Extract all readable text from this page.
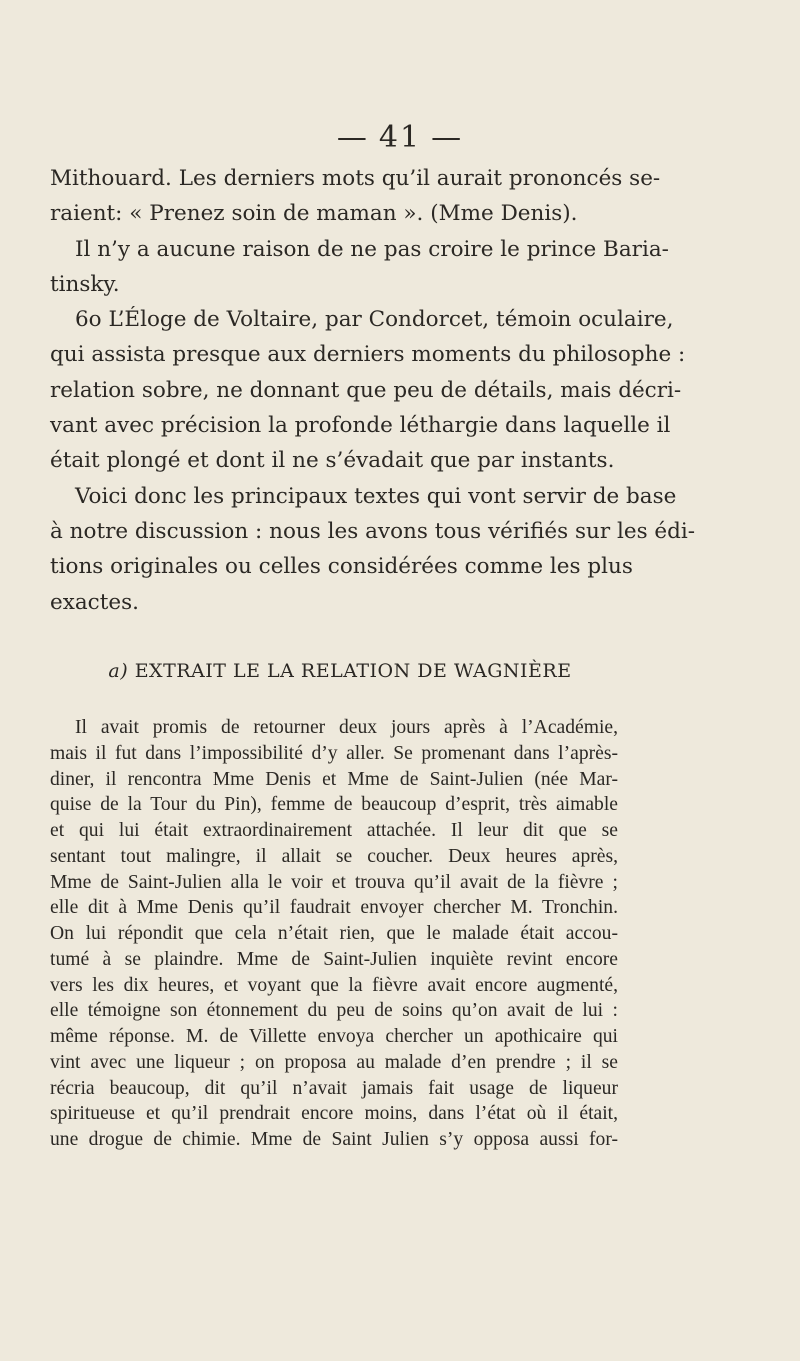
— 41 —

Mithouard. Les derniers mots qu’il aurait prononcés se-
raient: « Prenez soin de maman ». (Mme Denis).

Il n’y a aucune raison de ne pas croire le prince Baria-
tinsky.

6o L’Éloge de Voltaire, par Condorcet, témoin oculaire,
qui assista presque aux derniers moments du philosophe :
relation sobre, ne donnant que peu de détails, mais décri-
vant avec précision la profonde léthargie dans laquelle il
était plongé et dont il ne s’évadait que par instants.

Voici donc les principaux textes qui vont servir de base
à notre discussion : nous les avons tous vérifiés sur les édi-
tions originales ou celles considérées comme les plus
exactes.

a) EXTRAIT LE LA RELATION DE WAGNIÈRE
Il avait promis de retourner deux jours après à l’Académie,
mais il fut dans l’impossibilité d’y aller. Se promenant dans l’après-
diner, il rencontra Mme Denis et Mme de Saint-Julien (née Mar-
quise de la Tour du Pin), femme de beaucoup d’esprit, très aimable
et qui lui était extraordinairement attachée. Il leur dit que se
sentant tout malingre, il allait se coucher. Deux heures après,
Mme de Saint-Julien alla le voir et trouva qu’il avait de la fièvre ;
elle dit à Mme Denis qu’il faudrait envoyer chercher M. Tronchin.
On lui répondit que cela n’était rien, que le malade était accou-
tumé à se plaindre. Mme de Saint-Julien inquiète revint encore
vers les dix heures, et voyant que la fièvre avait encore augmenté,
elle témoigne son étonnement du peu de soins qu’on avait de lui :
même réponse. M. de Villette envoya chercher un apothicaire qui
vint avec une liqueur ; on proposa au malade d’en prendre ; il se
récria beaucoup, dit qu’il n’avait jamais fait usage de liqueur
spiritueuse et qu’il prendrait encore moins, dans l’état où il était,
une drogue de chimie. Mme de Saint Julien s’y opposa aussi for-
